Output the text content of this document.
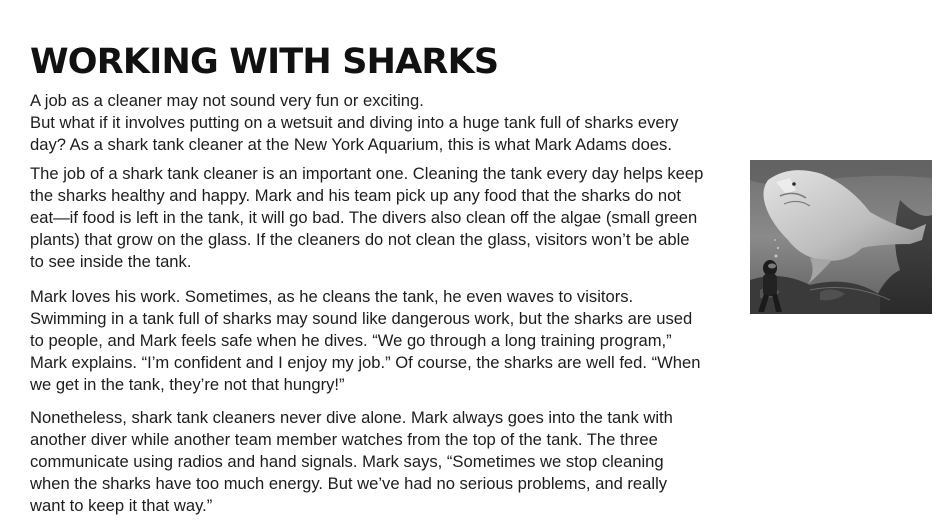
WORKING WITH SHARKS

A job as a cleaner may not sound very fun or exciting.
But what if it involves putting on a wetsuit and diving into a huge tank full of sharks every
day? As a shark tank cleaner at the New York Aquarium, this is what Mark Adams does.

The job of a shark tank cleaner is an important one. Cleaning the tank every day helps keep
the sharks healthy and happy. Mark and his team pick up any food that the sharks do not
eat—if food is left in the tank, it will go bad. The divers also clean off the algae (small green
plants) that grow on the glass. If the cleaners do not clean the glass, visitors won’t be able
to see inside the tank.

Mark loves his work. Sometimes, as he cleans the tank, he even waves to visitors.
Swimming in a tank full of sharks may sound like dangerous work, but the sharks are used
to people, and Mark feels safe when he dives. “We go through a long training program,”
Mark explains. “I’m confident and I enjoy my job.” Of course, the sharks are well fed. “When
we get in the tank, they’re not that hungry!”

Nonetheless, shark tank cleaners never dive alone. Mark always goes into the tank with
another diver while another team member watches from the top of the tank. The three
communicate using radios and hand signals. Mark says, “Sometimes we stop cleaning
when the sharks have too much energy. But we’ve had no serious problems, and really
want to keep it that way.”
